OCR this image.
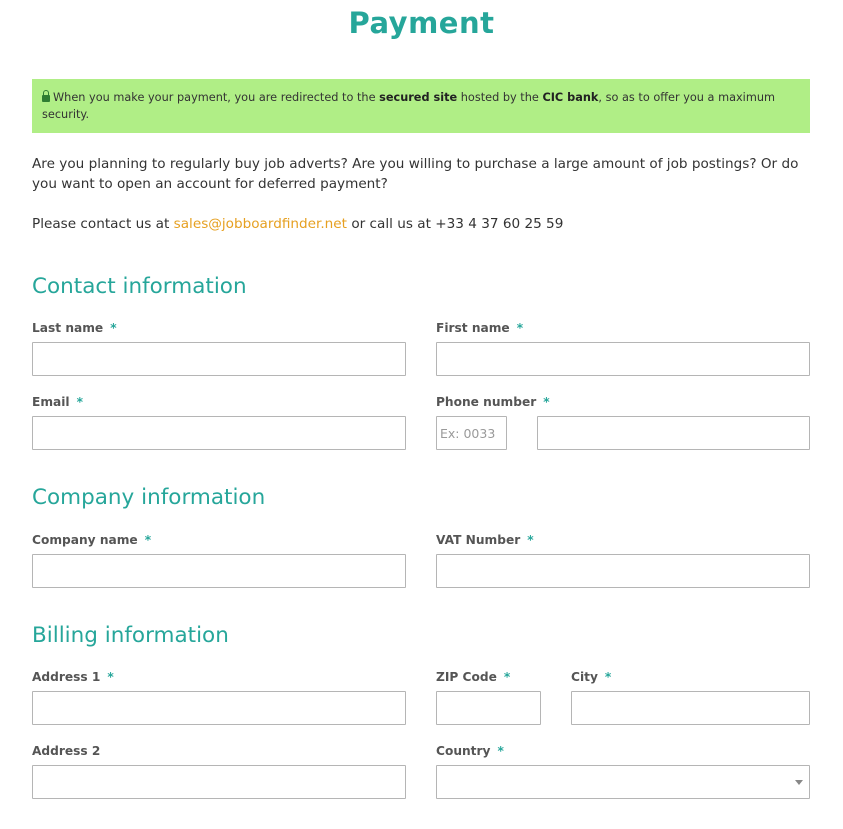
Payment
When you make your payment, you are redirected to the secured site hosted by the CIC bank, so as to offer you a maximum security.
Are you planning to regularly buy job adverts? Are you willing to purchase a large amount of job postings? Or do you want to open an account for deferred payment?
Please contact us at sales@jobboardfinder.net or call us at +33 4 37 60 25 59
Contact information
Last name *	First name *
Email *	Phone number *
Ex: 0033
Company information
Company name *	VAT Number *
Billing information
Address 1 *	ZIP Code *	City *
Address 2	Country *
